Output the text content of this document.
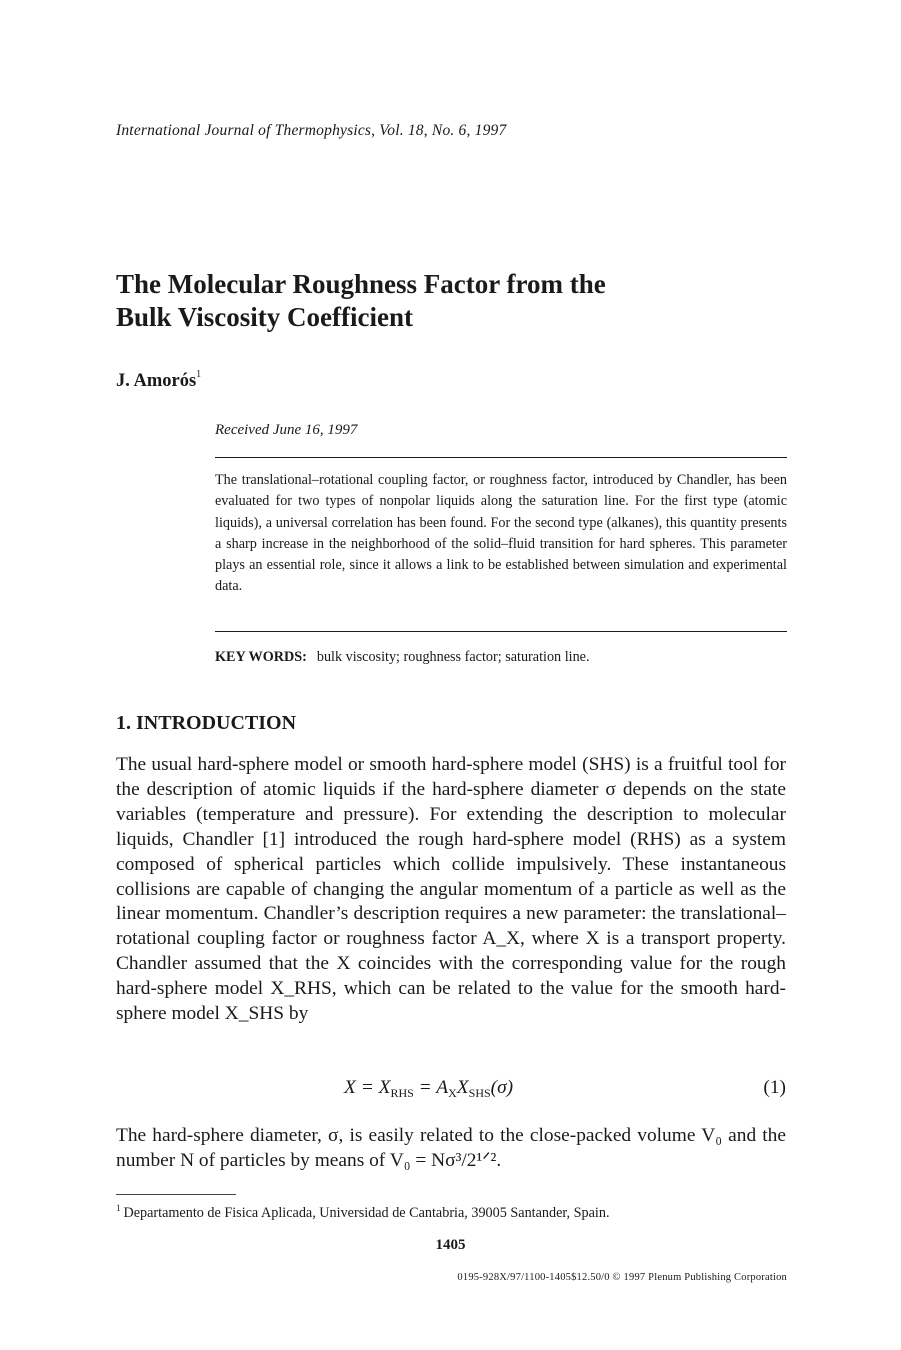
International Journal of Thermophysics, Vol. 18, No. 6, 1997
The Molecular Roughness Factor from the
Bulk Viscosity Coefficient
J. Amorós$^1$
Received June 16, 1997
The translational–rotational coupling factor, or roughness factor, introduced by Chandler, has been evaluated for two types of nonpolar liquids along the saturation line. For the first type (atomic liquids), a universal correlation has been found. For the second type (alkanes), this quantity presents a sharp increase in the neighborhood of the solid–fluid transition for hard spheres. This parameter plays an essential role, since it allows a link to be established between simulation and experimental data.
KEY WORDS: bulk viscosity; roughness factor; saturation line.
1. INTRODUCTION
The usual hard-sphere model or smooth hard-sphere model (SHS) is a fruitful tool for the description of atomic liquids if the hard-sphere diameter σ depends on the state variables (temperature and pressure). For extending the description to molecular liquids, Chandler [1] introduced the rough hard-sphere model (RHS) as a system composed of spherical particles which collide impulsively. These instantaneous collisions are capable of changing the angular momentum of a particle as well as the linear momentum. Chandler’s description requires a new parameter: the translational–rotational coupling factor or roughness factor A_X, where X is a transport property. Chandler assumed that the X coincides with the corresponding value for the rough hard-sphere model X_RHS, which can be related to the value for the smooth hard-sphere model X_SHS by
$X = X_{RHS} = A_XX_{SHS}(\sigma)$	(1)
The hard-sphere diameter, σ, is easily related to the close-packed volume V₀ and the number N of particles by means of V₀ = Nσ³/2¹ᐟ².
$^1$ Departamento de Fisica Aplicada, Universidad de Cantabria, 39005 Santander, Spain.
1405
0195-928X/97/1100-1405$12.50/0 © 1997 Plenum Publishing Corporation
